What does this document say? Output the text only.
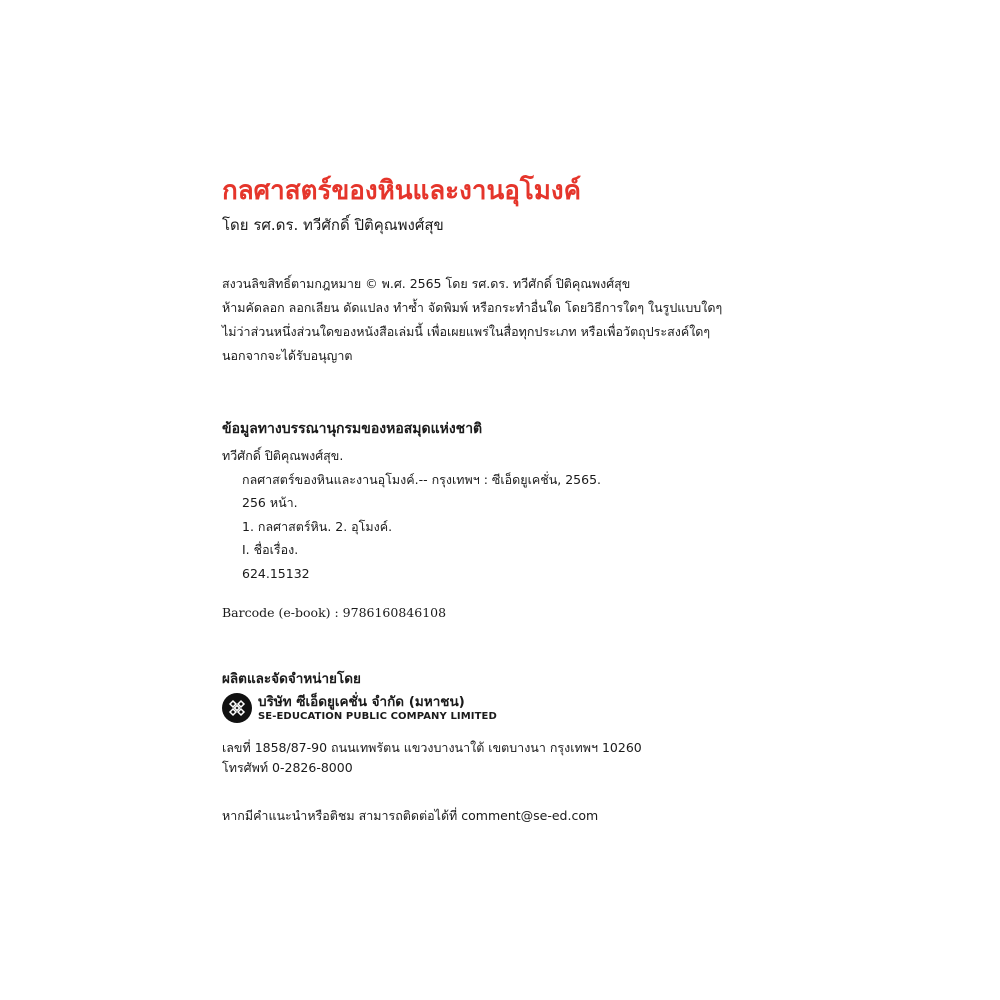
กลศาสตร์ของหินและงานอุโมงค์
โดย รศ.ดร. ทวีศักดิ์ ปิติคุณพงศ์สุข
สงวนลิขสิทธิ์ตามกฎหมาย © พ.ศ. 2565 โดย รศ.ดร. ทวีศักดิ์ ปิติคุณพงศ์สุข
ห้ามคัดลอก ลอกเลียน ดัดแปลง ทำซ้ำ จัดพิมพ์ หรือกระทำอื่นใด โดยวิธีการใดๆ ในรูปแบบใดๆ
ไม่ว่าส่วนหนึ่งส่วนใดของหนังสือเล่มนี้ เพื่อเผยแพร่ในสื่อทุกประเภท หรือเพื่อวัตถุประสงค์ใดๆ
นอกจากจะได้รับอนุญาต
ข้อมูลทางบรรณานุกรมของหอสมุดแห่งชาติ
ทวีศักดิ์ ปิติคุณพงศ์สุข.
กลศาสตร์ของหินและงานอุโมงค์.-- กรุงเทพฯ : ซีเอ็ดยูเคชั่น, 2565.
256 หน้า.
1. กลศาสตร์หิน. 2. อุโมงค์.
I. ชื่อเรื่อง.
624.15132
Barcode (e-book) : 9786160846108
ผลิตและจัดจำหน่ายโดย
บริษัท ซีเอ็ดยูเคชั่น จำกัด (มหาชน)
SE-EDUCATION PUBLIC COMPANY LIMITED
เลขที่ 1858/87-90 ถนนเทพรัตน แขวงบางนาใต้ เขตบางนา กรุงเทพฯ 10260
โทรศัพท์ 0-2826-8000
หากมีคำแนะนำหรือติชม สามารถติดต่อได้ที่ comment@se-ed.com
